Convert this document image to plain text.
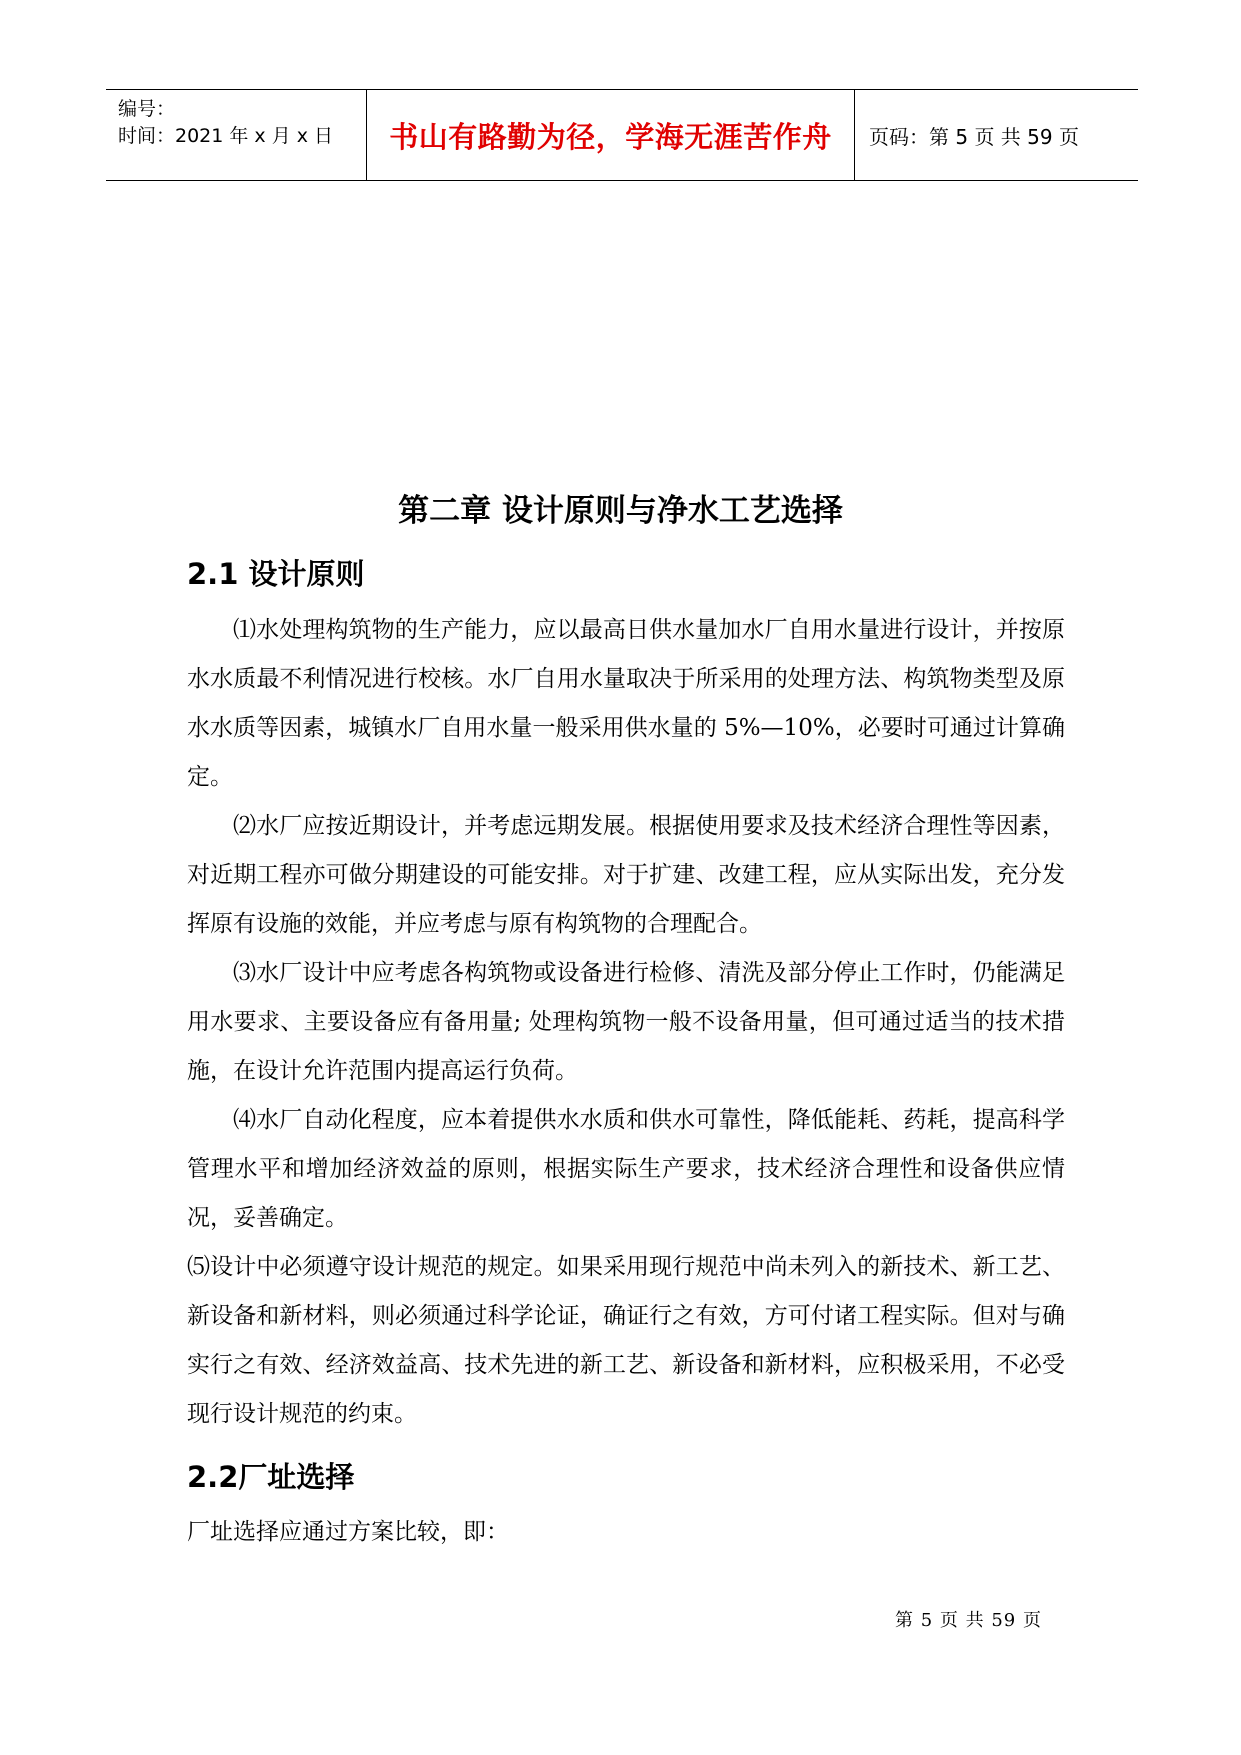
编号：
时间：2021 年 x 月 x 日 书山有路勤为径，学海无涯苦作舟 页码：第 5 页 共 59 页
第二章 设计原则与净水工艺选择
2.1 设计原则

⑴水处理构筑物的生产能力，应以最高日供水量加水厂自用水量进行设计，并按原水水质最不利情况进行校核。水厂自用水量取决于所采用的处理方法、构筑物类型及原水水质等因素，城镇水厂自用水量一般采用供水量的 5%—10%，必要时可通过计算确定。

⑵水厂应按近期设计，并考虑远期发展。根据使用要求及技术经济合理性等因素，对近期工程亦可做分期建设的可能安排。对于扩建、改建工程，应从实际出发，充分发挥原有设施的效能，并应考虑与原有构筑物的合理配合。

⑶水厂设计中应考虑各构筑物或设备进行检修、清洗及部分停止工作时，仍能满足用水要求、主要设备应有备用量; 处理构筑物一般不设备用量，但可通过适当的技术措施，在设计允许范围内提高运行负荷。

⑷水厂自动化程度，应本着提供水水质和供水可靠性，降低能耗、药耗，提高科学管理水平和增加经济效益的原则，根据实际生产要求，技术经济合理性和设备供应情况，妥善确定。

⑸设计中必须遵守设计规范的规定。如果采用现行规范中尚未列入的新技术、新工艺、新设备和新材料，则必须通过科学论证，确证行之有效，方可付诸工程实际。但对与确实行之有效、经济效益高、技术先进的新工艺、新设备和新材料，应积极采用，不必受现行设计规范的约束。

2.2厂址选择

厂址选择应通过方案比较，即：

第 5 页 共 59 页
